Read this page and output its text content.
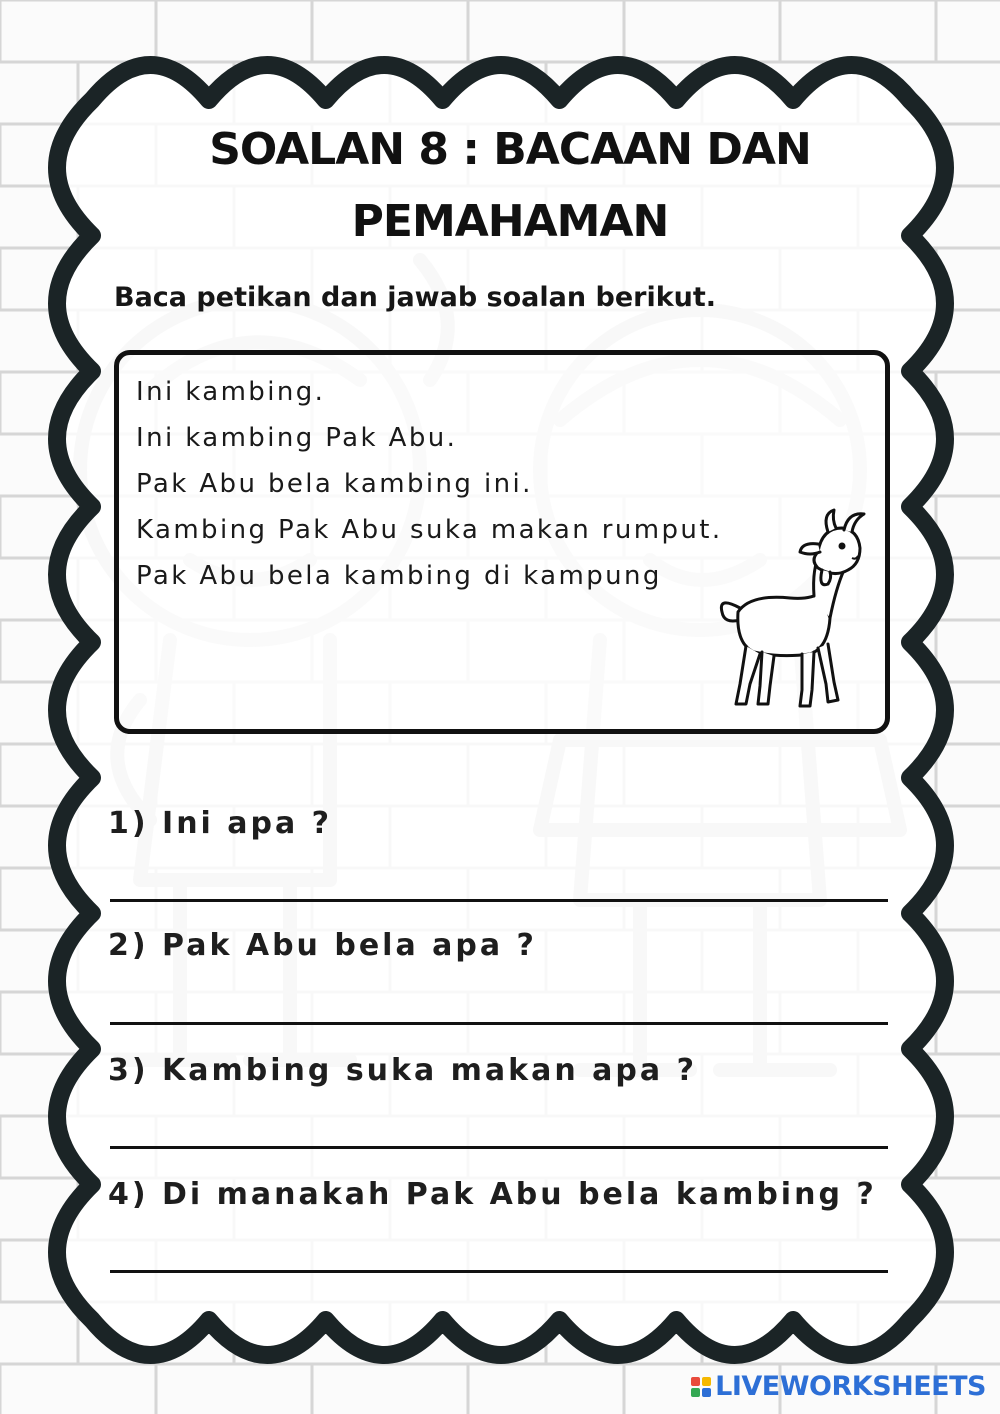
SOALAN 8 : BACAAN DAN
PEMAHAMAN
Baca petikan dan jawab soalan berikut.
Ini kambing.
Ini kambing Pak Abu.
Pak Abu bela kambing ini.
Kambing Pak Abu suka makan rumput.
Pak Abu bela kambing di kampung
1) Ini apa ?
2) Pak Abu bela apa ?
3) Kambing suka makan apa ?
4) Di manakah Pak Abu bela kambing ?
LIVEWORKSHEETS
